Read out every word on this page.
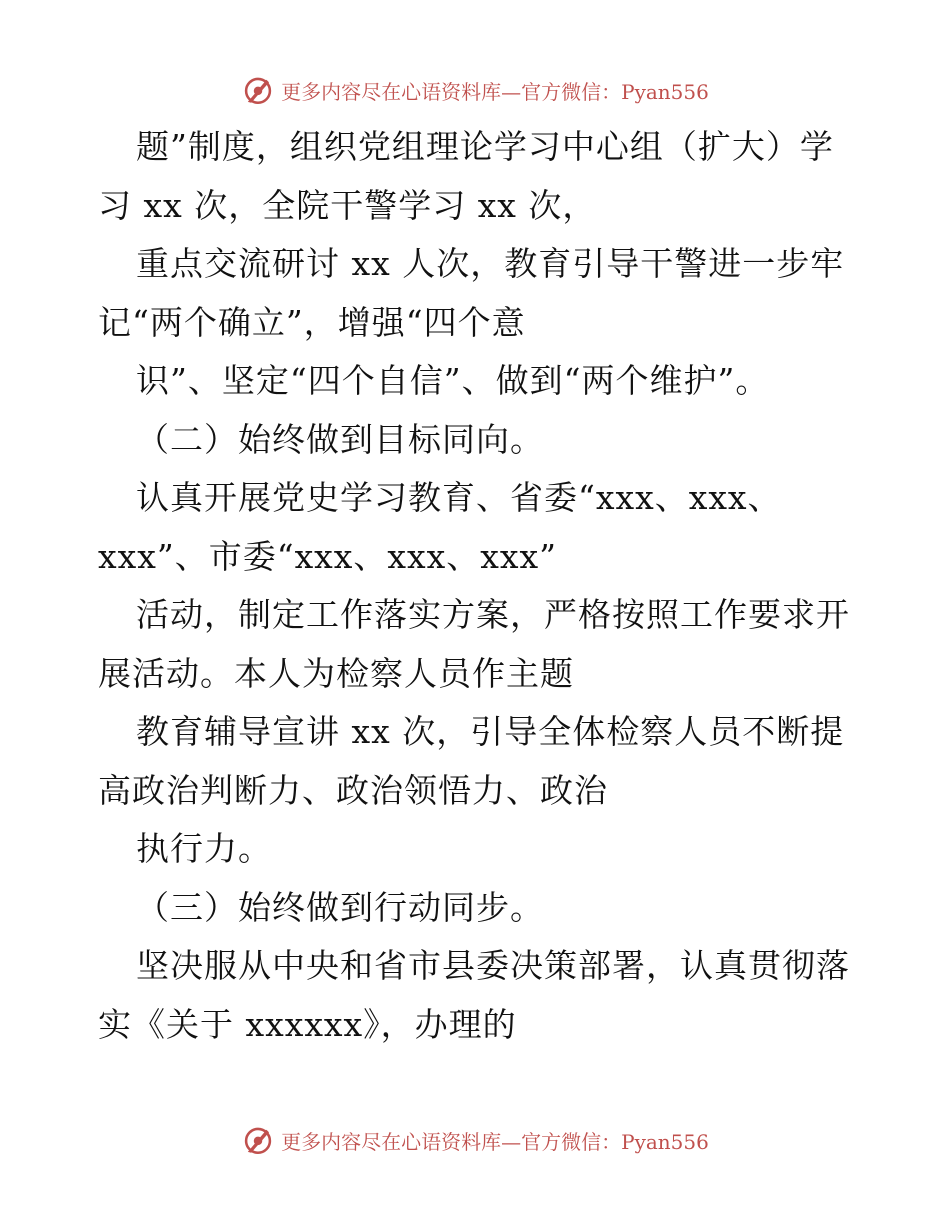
更多内容尽在心语资料库—官方微信：Pyan556
题”制度，组织党组理论学习中心组（扩大）学
习 xx 次，全院干警学习 xx 次，
重点交流研讨 xx 人次，教育引导干警进一步牢
记“两个确立”，增强“四个意
识”、坚定“四个自信”、做到“两个维护”。
（二）始终做到目标同向。
认真开展党史学习教育、省委“xxx、xxx、
xxx”、市委“xxx、xxx、xxx”
活动，制定工作落实方案，严格按照工作要求开
展活动。本人为检察人员作主题
教育辅导宣讲 xx 次，引导全体检察人员不断提
高政治判断力、政治领悟力、政治
执行力。
（三）始终做到行动同步。
坚决服从中央和省市县委决策部署，认真贯彻落
实《关于 xxxxxx》，办理的
更多内容尽在心语资料库—官方微信：Pyan556
